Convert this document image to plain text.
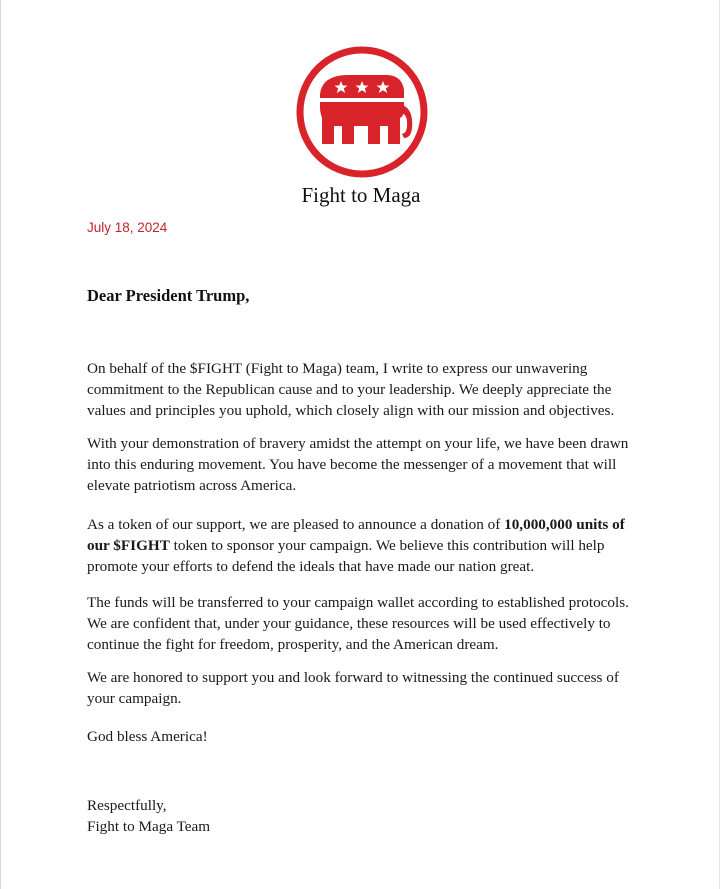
Fight to Maga
July 18, 2024
Dear President Trump,
On behalf of the $FIGHT (Fight to Maga) team, I write to express our unwavering commitment to the Republican cause and to your leadership. We deeply appreciate the values and principles you uphold, which closely align with our mission and objectives.
With your demonstration of bravery amidst the attempt on your life, we have been drawn into this enduring movement. You have become the messenger of a movement that will elevate patriotism across America.
As a token of our support, we are pleased to announce a donation of 10,000,000 units of our $FIGHT token to sponsor your campaign. We believe this contribution will help promote your efforts to defend the ideals that have made our nation great.
The funds will be transferred to your campaign wallet according to established protocols. We are confident that, under your guidance, these resources will be used effectively to continue the fight for freedom, prosperity, and the American dream.
We are honored to support you and look forward to witnessing the continued success of your campaign.
God bless America!
Respectfully,
Fight to Maga Team
